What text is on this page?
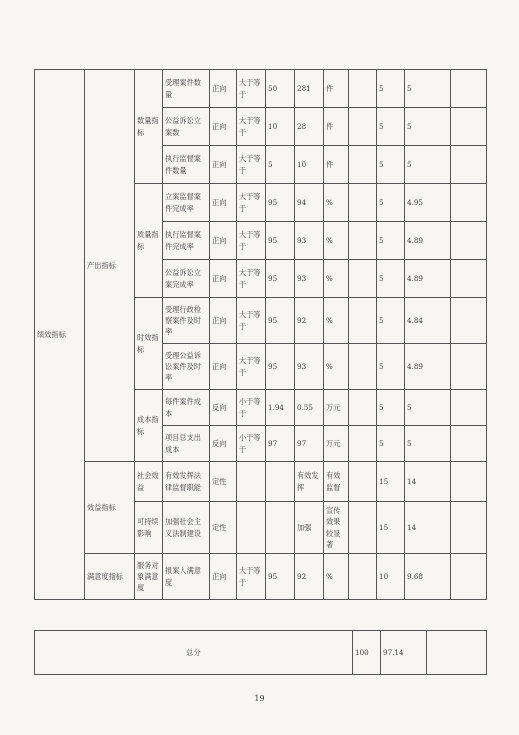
绩效指标	产出指标	数量指标	受理案件数量	正向	大于等于	50	281	件		5	5	
			公益诉讼立案数	正向	大于等于	10	28	件		5	5	
			执行监督案件数量	正向	大于等于	5	10	件		5	5	
		质量指标	立案监督案件完成率	正向	大于等于	95	94	%		5	4.95	
			执行监督案件完成率	正向	大于等于	95	93	%		5	4.89	
			公益诉讼立案完成率	正向	大于等于	95	93	%		5	4.89	
		时效指标	受理行政检察案件及时率	正向	大于等于	95	92	%		5	4.84	
			受理公益诉讼案件及时率	正向	大于等于	95	93	%		5	4.89	
		成本指标	每件案件成本	反向	小于等于	1.94	0.55	万元		5	5	
			项目总支出成本	反向	小于等于	97	97	万元		5	5	
	效益指标	社会效益	有效发挥法律监督职能	定性			有效发挥	有效监督		15	14	
		可持续影响	加强社会主义法制建设	定性			加强	宣传效果较显著		15	14	
	满意度指标	服务对象满意度	报案人满意度	正向	大于等于	95	92	%		10	9.68	
总分	100	97.14	
19
